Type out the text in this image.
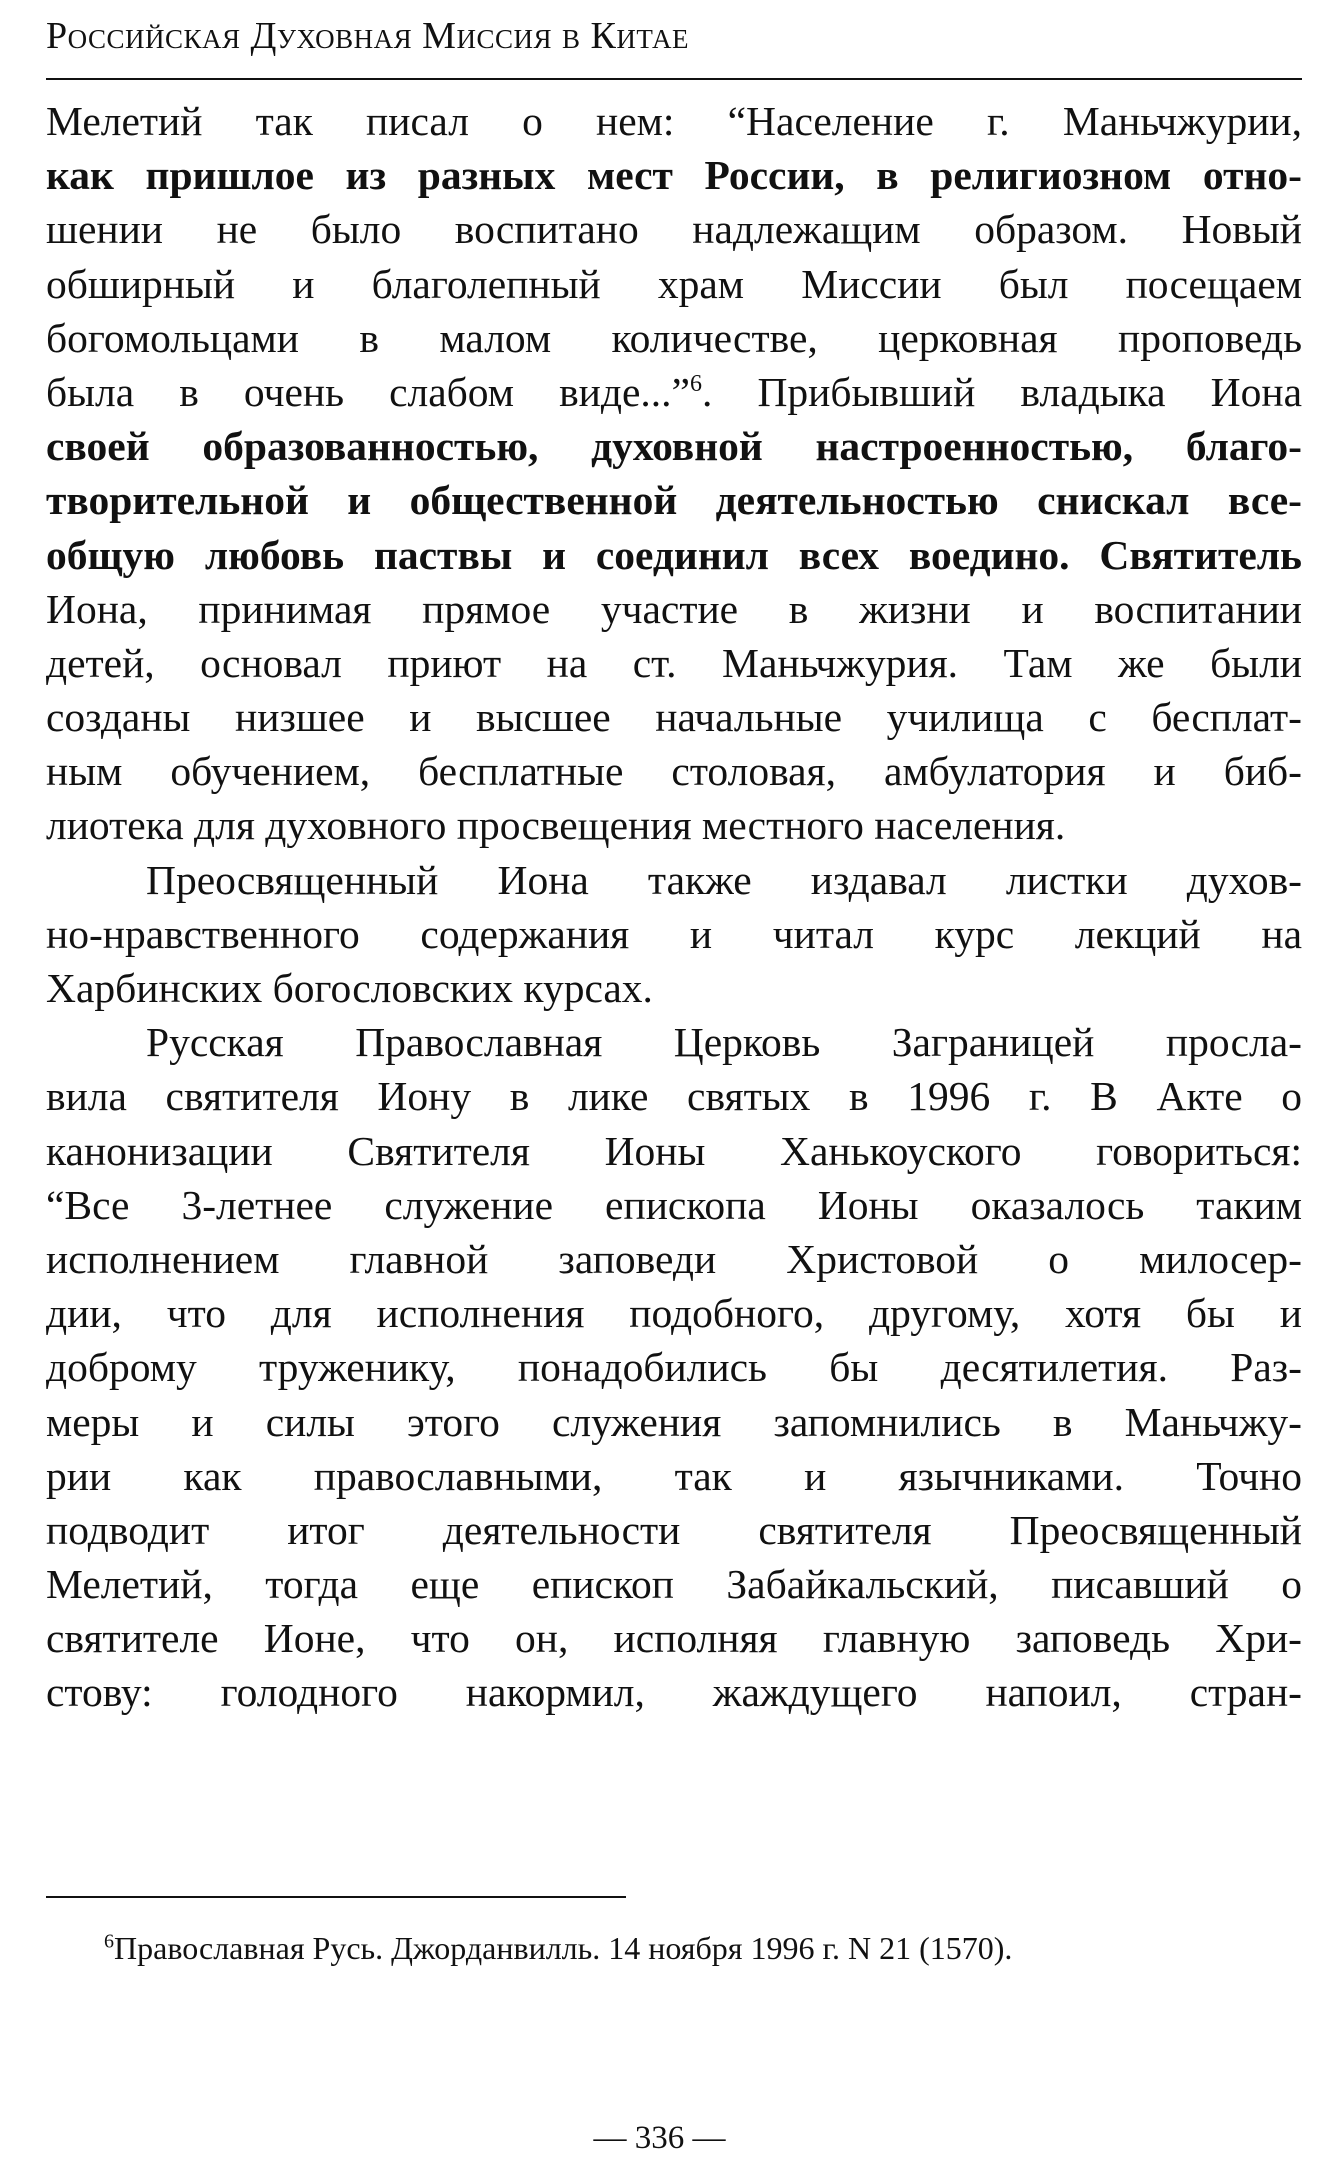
Российская Духовная Миссия в Китае
Мелетий так писал о нем: “Население г. Маньчжурии,
как пришлое из разных мест России, в религиозном отно-
шении не было воспитано надлежащим образом. Новый
обширный и благолепный храм Миссии был посещаем
богомольцами в малом количестве, церковная проповедь
была в очень слабом виде...”$^6$. Прибывший владыка Иона
своей образованностью, духовной настроенностью, благо-
творительной и общественной деятельностью снискал все-
общую любовь паствы и соединил всех воедино. Святитель
Иона, принимая прямое участие в жизни и воспитании
детей, основал приют на ст. Маньчжурия. Там же были
созданы низшее и высшее начальные училища с бесплат-
ным обучением, бесплатные столовая, амбулатория и биб-
лиотека для духовного просвещения местного населения.
Преосвященный Иона также издавал листки духов-
но-нравственного содержания и читал курс лекций на
Харбинских богословских курсах.
Русская Православная Церковь Заграницей просла-
вила святителя Иону в лике святых в 1996 г. В Акте о
канонизации Святителя Ионы Ханькоуского говориться:
“Все 3-летнее служение епископа Ионы оказалось таким
исполнением главной заповеди Христовой о милосер-
дии, что для исполнения подобного, другому, хотя бы и
доброму труженику, понадобились бы десятилетия. Раз-
меры и силы этого служения запомнились в Маньчжу-
рии как православными, так и язычниками. Точно
подводит итог деятельности святителя Преосвященный
Мелетий, тогда еще епископ Забайкальский, писавший о
святителе Ионе, что он, исполняя главную заповедь Хри-
стову: голодного накормил, жаждущего напоил, стран-
$^6$Православная Русь. Джорданвилль. 14 ноября 1996 г. N 21 (1570).
— 336 —
